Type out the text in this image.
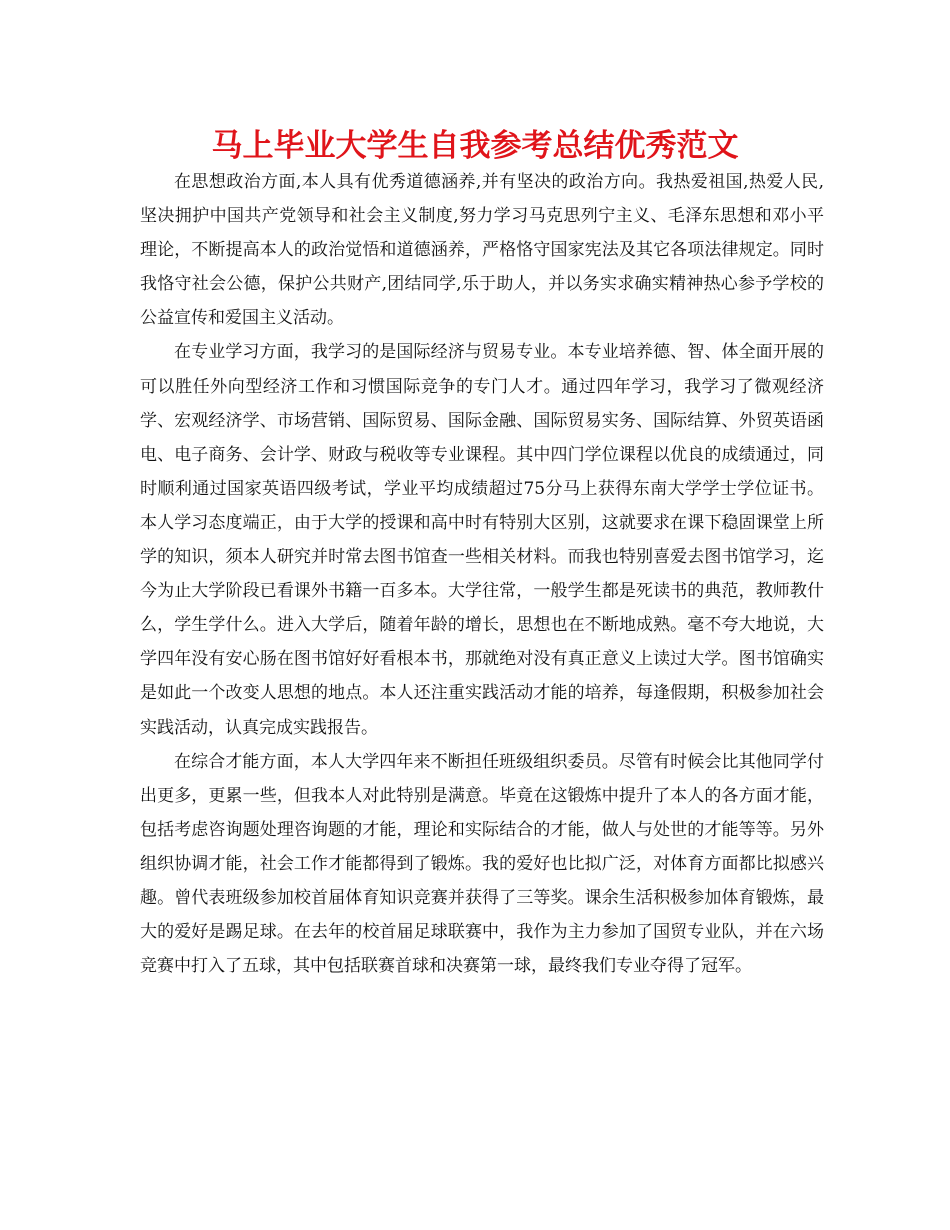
马上毕业大学生自我参考总结优秀范文

在思想政治方面,本人具有优秀道德涵养,并有坚决的政治方向。我热爱祖国,热爱人民,坚决拥护中国共产党领导和社会主义制度,努力学习马克思列宁主义、毛泽东思想和邓小平理论，不断提高本人的政治觉悟和道德涵养，严格恪守国家宪法及其它各项法律规定。同时我恪守社会公德，保护公共财产,团结同学,乐于助人，并以务实求确实精神热心参予学校的公益宣传和爱国主义活动。

在专业学习方面，我学习的是国际经济与贸易专业。本专业培养德、智、体全面开展的可以胜任外向型经济工作和习惯国际竞争的专门人才。通过四年学习，我学习了微观经济学、宏观经济学、市场营销、国际贸易、国际金融、国际贸易实务、国际结算、外贸英语函电、电子商务、会计学、财政与税收等专业课程。其中四门学位课程以优良的成绩通过，同时顺利通过国家英语四级考试，学业平均成绩超过75分马上获得东南大学学士学位证书。本人学习态度端正，由于大学的授课和高中时有特别大区别，这就要求在课下稳固课堂上所学的知识，须本人研究并时常去图书馆查一些相关材料。而我也特别喜爱去图书馆学习，迄今为止大学阶段已看课外书籍一百多本。大学往常，一般学生都是死读书的典范，教师教什么，学生学什么。进入大学后，随着年龄的增长，思想也在不断地成熟。毫不夸大地说，大学四年没有安心肠在图书馆好好看根本书，那就绝对没有真正意义上读过大学。图书馆确实是如此一个改变人思想的地点。本人还注重实践活动才能的培养，每逢假期，积极参加社会实践活动，认真完成实践报告。

在综合才能方面，本人大学四年来不断担任班级组织委员。尽管有时候会比其他同学付出更多，更累一些，但我本人对此特别是满意。毕竟在这锻炼中提升了本人的各方面才能，包括考虑咨询题处理咨询题的才能，理论和实际结合的才能，做人与处世的才能等等。另外组织协调才能，社会工作才能都得到了锻炼。我的爱好也比拟广泛，对体育方面都比拟感兴趣。曾代表班级参加校首届体育知识竞赛并获得了三等奖。课余生活积极参加体育锻炼，最大的爱好是踢足球。在去年的校首届足球联赛中，我作为主力参加了国贸专业队，并在六场竞赛中打入了五球，其中包括联赛首球和决赛第一球，最终我们专业夺得了冠军。
